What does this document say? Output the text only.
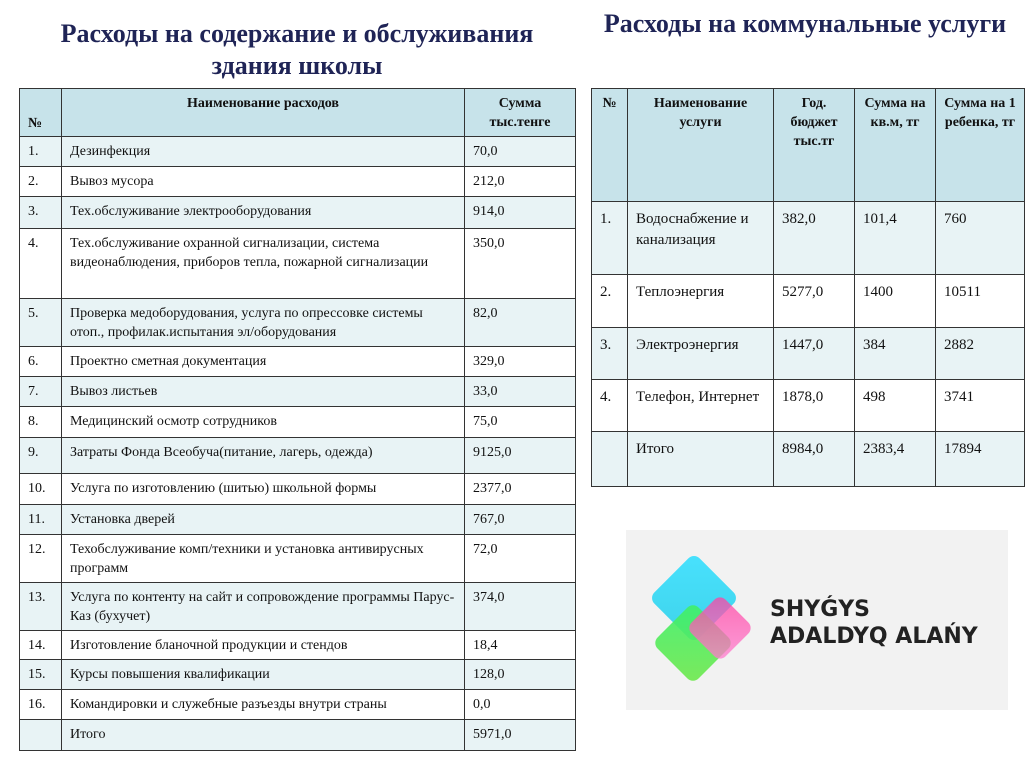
Расходы на содержание и обслуживания здания школы
Расходы на коммунальные услуги
№	Наименование расходов	Сумма тыс.тенге
1.	Дезинфекция	70,0
2.	Вывоз мусора	212,0
3.	Тех.обслуживание электрооборудования	914,0
4.	Тех.обслуживание охранной сигнализации, системa видеонаблюдения, приборов тепла, пожарной сигнализации	350,0
5.	Проверка медоборудования, услуга по опрессовке системы отоп., профилак.испытания эл/оборудования	82,0
6.	Проектно сметная документация	329,0
7.	Вывоз листьев	33,0
8.	Медицинский осмотр сотрудников	75,0
9.	Затраты Фонда Всеобуча(питание, лагерь, одежда)	9125,0
10.	Услуга по изготовлению (шитью) школьной формы	2377,0
11.	Установка дверей	767,0
12.	Техобслуживание комп/техники и установка антивирусных программ	72,0
13.	Услуга по контенту на сайт и сопровождение программы Парус-Каз (бухучет)	374,0
14.	Изготовление бланочной продукции и стендов	18,4
15.	Курсы повышения квалификации	128,0
16.	Командировки и служебные разъезды внутри страны	0,0
	Итого	5971,0
№	Наименование услуги	Год. бюджет тыс.тг	Сумма на кв.м, тг	Сумма на 1 ребенка, тг
1.	Водоснабжение и канализация	382,0	101,4	760
2.	Теплоэнергия	5277,0	1400	10511
3.	Электроэнергия	1447,0	384	2882
4.	Телефон, Интернет	1878,0	498	3741
	Итого	8984,0	2383,4	17894
SHYǴYS
ADALDYQ ALAŃY
